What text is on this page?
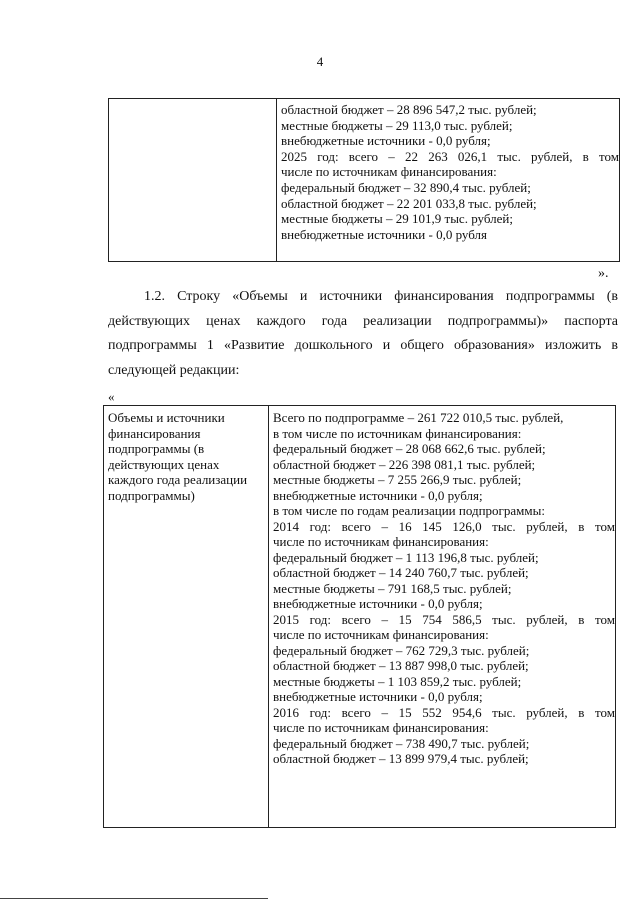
4
областной бюджет – 28 896 547,2 тыс. рублей;
местные бюджеты – 29 113,0 тыс. рублей;
внебюджетные источники - 0,0 рубля;
2025 год: всего – 22 263 026,1 тыс. рублей, в том
числе по источникам финансирования:
федеральный бюджет – 32 890,4 тыс. рублей;
областной бюджет – 22 201 033,8 тыс. рублей;
местные бюджеты – 29 101,9 тыс. рублей;
внебюджетные источники - 0,0 рубля
».
1.2. Строку «Объемы и источники финансирования подпрограммы (в
действующих ценах каждого года реализации подпрограммы)» паспорта
подпрограммы 1 «Развитие дошкольного и общего образования» изложить в
следующей редакции:
«
Объемы и источники
финансирования
подпрограммы (в
действующих ценах
каждого года реализации
подпрограммы)
Всего по подпрограмме – 261 722 010,5 тыс. рублей,
в том числе по источникам финансирования:
федеральный бюджет – 28 068 662,6 тыс. рублей;
областной бюджет – 226 398 081,1 тыс. рублей;
местные бюджеты – 7 255 266,9 тыс. рублей;
внебюджетные источники - 0,0 рубля;
в том числе по годам реализации подпрограммы:
2014 год: всего – 16 145 126,0 тыс. рублей, в том
числе по источникам финансирования:
федеральный бюджет – 1 113 196,8 тыс. рублей;
областной бюджет – 14 240 760,7 тыс. рублей;
местные бюджеты – 791 168,5 тыс. рублей;
внебюджетные источники - 0,0 рубля;
2015 год: всего – 15 754 586,5 тыс. рублей, в том
числе по источникам финансирования:
федеральный бюджет – 762 729,3 тыс. рублей;
областной бюджет – 13 887 998,0 тыс. рублей;
местные бюджеты – 1 103 859,2 тыс. рублей;
внебюджетные источники - 0,0 рубля;
2016 год: всего – 15 552 954,6 тыс. рублей, в том
числе по источникам финансирования:
федеральный бюджет – 738 490,7 тыс. рублей;
областной бюджет – 13 899 979,4 тыс. рублей;
